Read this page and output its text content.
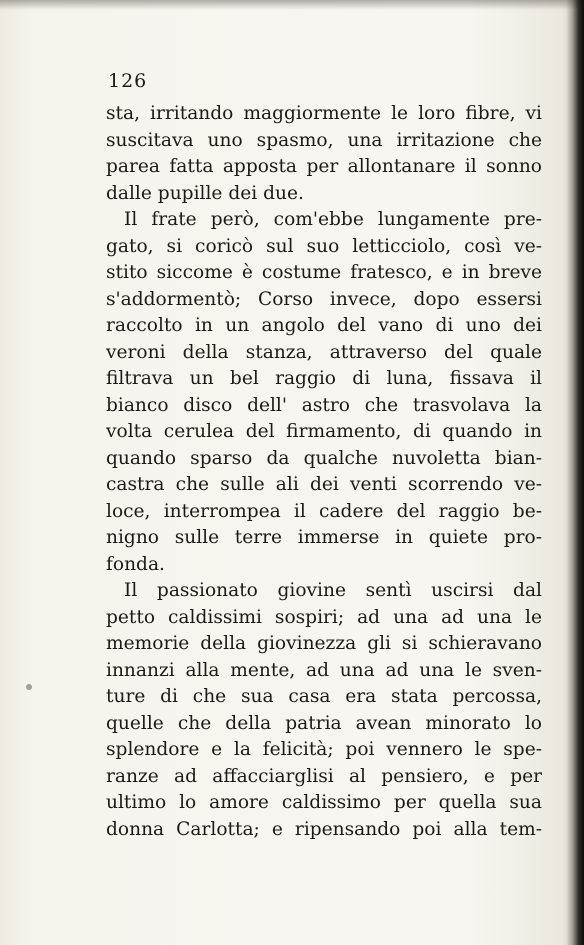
126
sta, irritando maggiormente le loro fibre, vi
suscitava uno spasmo, una irritazione che
parea fatta apposta per allontanare il sonno
dalle pupille dei due.
Il frate però, com'ebbe lungamente pre-
gato, si coricò sul suo letticciolo, così ve-
stito siccome è costume fratesco, e in breve
s'addormentò; Corso invece, dopo essersi
raccolto in un angolo del vano di uno dei
veroni della stanza, attraverso del quale
filtrava un bel raggio di luna, fissava il
bianco disco dell' astro che trasvolava la
volta cerulea del firmamento, di quando in
quando sparso da qualche nuvoletta bian-
castra che sulle ali dei venti scorrendo ve-
loce, interrompea il cadere del raggio be-
nigno sulle terre immerse in quiete pro-
fonda.
Il passionato giovine sentì uscirsi dal
petto caldissimi sospiri; ad una ad una le
memorie della giovinezza gli si schieravano
innanzi alla mente, ad una ad una le sven-
ture di che sua casa era stata percossa,
quelle che della patria avean minorato lo
splendore e la felicità; poi vennero le spe-
ranze ad affacciarglisi al pensiero, e per
ultimo lo amore caldissimo per quella sua
donna Carlotta; e ripensando poi alla tem-
